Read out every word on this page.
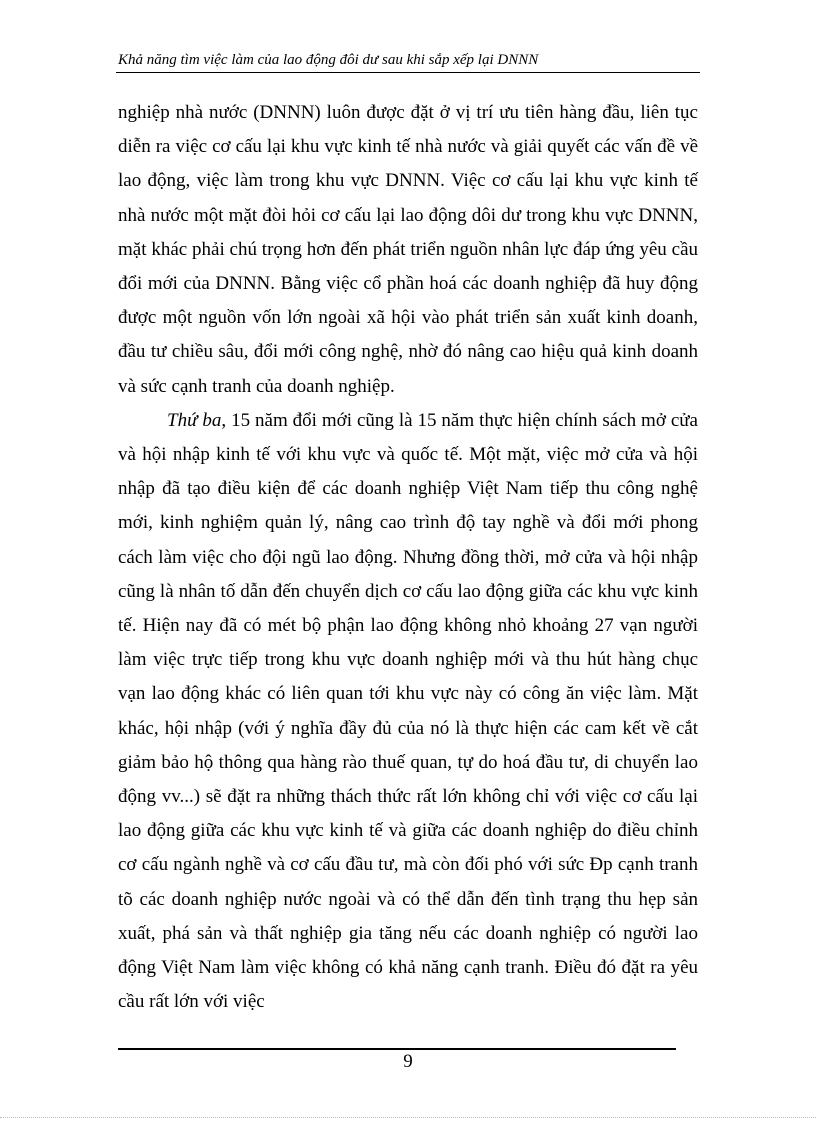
Khả năng tìm việc làm của lao động đôi dư sau khi sắp xếp lại DNNN

nghiệp nhà nước (DNNN) luôn được đặt ở vị trí ưu tiên hàng đầu, liên tục diễn ra việc cơ cấu lại khu vực kinh tế nhà nước và giải quyết các vấn đề về lao động, việc làm trong khu vực DNNN. Việc cơ cấu lại khu vực kinh tế nhà nước một mặt đòi hỏi cơ cấu lại lao động dôi dư trong khu vực DNNN, mặt khác phải chú trọng hơn đến phát triển nguồn nhân lực đáp ứng yêu cầu đổi mới của DNNN. Bằng việc cổ phần hoá các doanh nghiệp đã huy động được một nguồn vốn lớn ngoài xã hội vào phát triển sản xuất kinh doanh, đầu tư chiều sâu, đổi mới công nghệ, nhờ đó nâng cao hiệu quả kinh doanh và sức cạnh tranh của doanh nghiệp.

Thứ ba, 15 năm đổi mới cũng là 15 năm thực hiện chính sách mở cửa và hội nhập kinh tế với khu vực và quốc tế. Một mặt, việc mở cửa và hội nhập đã tạo điều kiện để các doanh nghiệp Việt Nam tiếp thu công nghệ mới, kinh nghiệm quản lý, nâng cao trình độ tay nghề và đổi mới phong cách làm việc cho đội ngũ lao động. Nhưng đồng thời, mở cửa và hội nhập cũng là nhân tố dẫn đến chuyển dịch cơ cấu lao động giữa các khu vực kinh tế. Hiện nay đã có mét bộ phận lao động không nhỏ khoảng 27 vạn người làm việc trực tiếp trong khu vực doanh nghiệp mới và thu hút hàng chục vạn lao động khác có liên quan tới khu vực này có công ăn việc làm. Mặt khác, hội nhập (với ý nghĩa đầy đủ của nó là thực hiện các cam kết về cắt giảm bảo hộ thông qua hàng rào thuế quan, tự do hoá đầu tư, di chuyển lao động vv...) sẽ đặt ra những thách thức rất lớn không chỉ với việc cơ cấu lại lao động giữa các khu vực kinh tế và giữa các doanh nghiệp do điều chỉnh cơ cấu ngành nghề và cơ cấu đầu tư, mà còn đối phó với sức Đp cạnh tranh tõ các doanh nghiệp nước ngoài và có thể dẫn đến tình trạng thu hẹp sản xuất, phá sản và thất nghiệp gia tăng nếu các doanh nghiệp có người lao động Việt Nam làm việc không có khả năng cạnh tranh. Điều đó đặt ra yêu cầu rất lớn với việc

9
